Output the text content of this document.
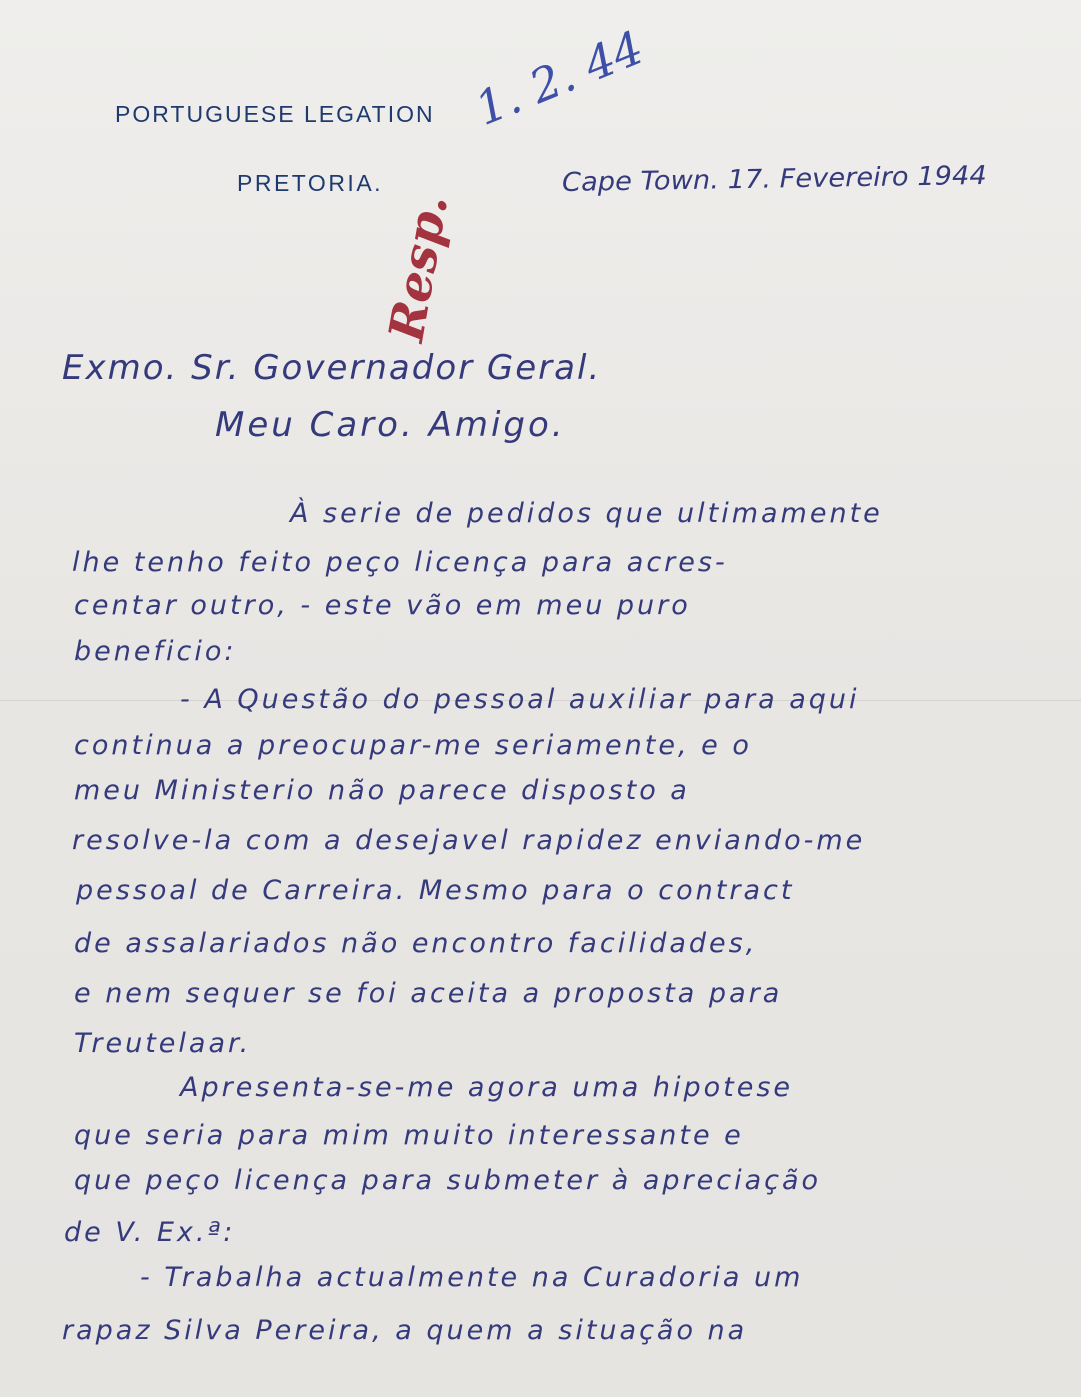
PORTUGUESE LEGATION
PRETORIA.
1. 2. 44
Resp.
Cape Town. 17. Fevereiro 1944
Exmo. Sr. Governador Geral.
Meu Caro. Amigo.
À serie de pedidos que ultimamente
lhe tenho feito peço licença para acres-
centar outro, - este vão em meu puro
beneficio:
- A Questão do pessoal auxiliar para aqui
continua a preocupar-me seriamente, e o
meu Ministerio não parece disposto a
resolve-la com a desejavel rapidez enviando-me
pessoal de Carreira. Mesmo para o contract
de assalariados não encontro facilidades,
e nem sequer se foi aceita a proposta para
Treutelaar.
Apresenta-se-me agora uma hipotese
que seria para mim muito interessante e
que peço licença para submeter à apreciação
de V. Ex.ª:
- Trabalha actualmente na Curadoria um
rapaz Silva Pereira, a quem a situação na
